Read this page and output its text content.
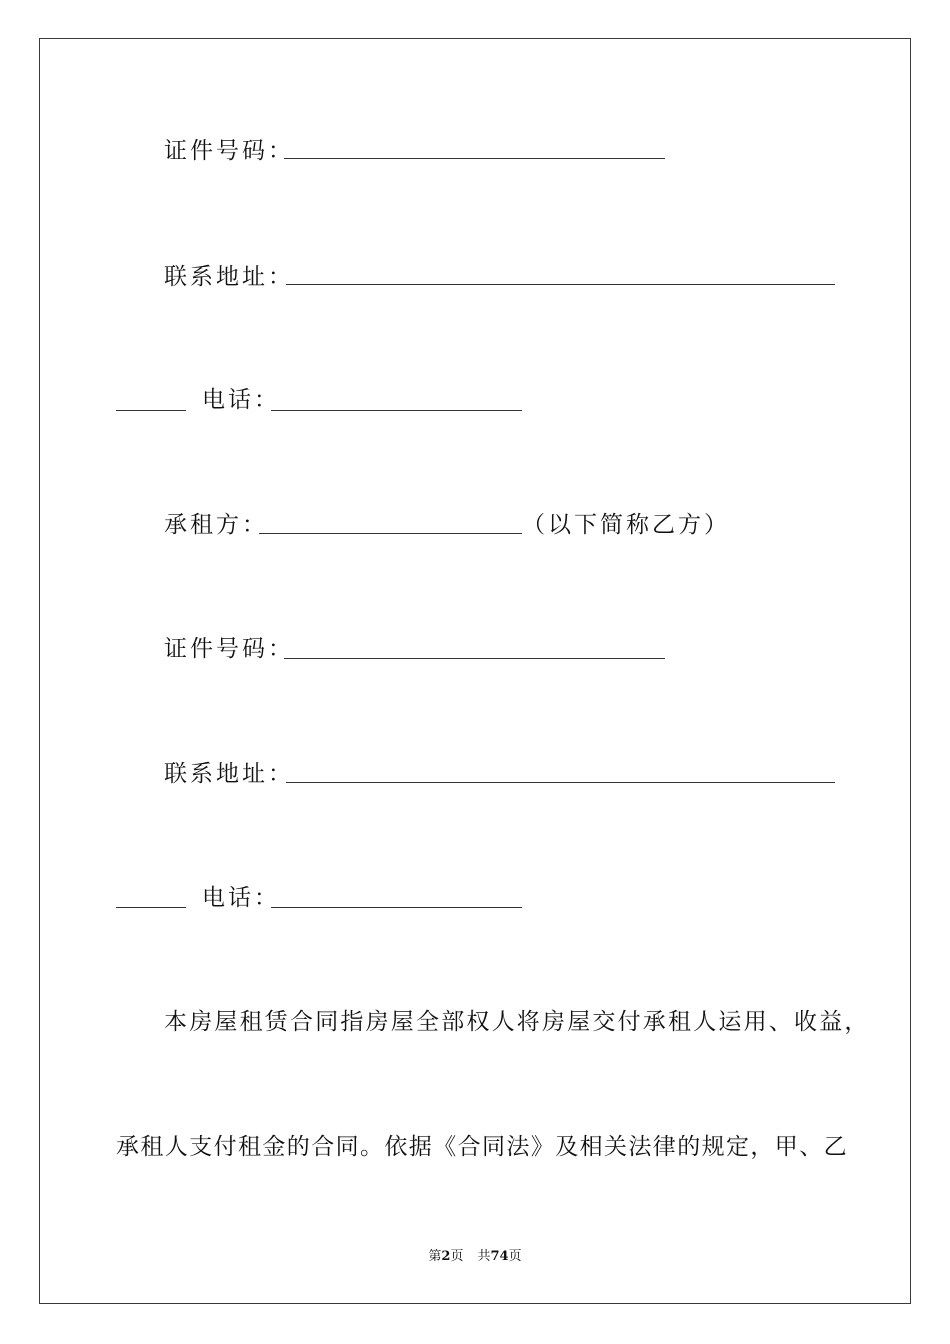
证件号码：
联系地址：
电话：
承租方：	（以下简称乙方）
证件号码：
联系地址：
电话：
本房屋租赁合同指房屋全部权人将房屋交付承租人运用、收益，
承租人支付租金的合同。依据《合同法》及相关法律的规定，甲、乙
第2页 共74页
